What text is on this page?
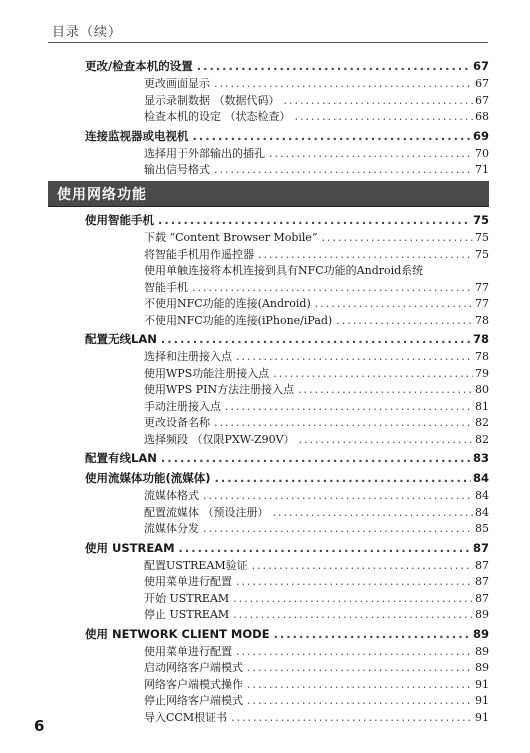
目录（续）
更改/检查本机的设置 .....	67
更改画面显示 .....	67
显示录制数据 （数据代码） .....	67
检查本机的设定 （状态检查） .....	68
连接监视器或电视机 .....	69
选择用于外部输出的插孔 .....	70
输出信号格式 .....	71
使用网络功能
使用智能手机 .....	75
下载 “Content Browser Mobile” .....	75
将智能手机用作遥控器 .....	75
使用单触连接将本机连接到具有NFC功能的Android系统
智能手机 .....	77
不使用NFC功能的连接(Android) .....	77
不使用NFC功能的连接(iPhone/iPad) .....	78
配置无线LAN .....	78
选择和注册接入点 .....	78
使用WPS功能注册接入点 .....	79
使用WPS PIN方法注册接入点 .....	80
手动注册接入点 .....	81
更改设备名称 .....	82
选择频段 （仅限PXW-Z90V） .....	82
配置有线LAN .....	83
使用流媒体功能(流媒体) .....	84
流媒体格式 .....	84
配置流媒体 （预设注册） .....	84
流媒体分发 .....	85
使用 USTREAM .....	87
配置USTREAM验证 .....	87
使用菜单进行配置 .....	87
开始 USTREAM .....	87
停止 USTREAM .....	89
使用 NETWORK CLIENT MODE .....	89
使用菜单进行配置 .....	89
启动网络客户端模式 .....	89
网络客户端模式操作 .....	91
停止网络客户端模式 .....	91
导入CCM根证书 .....	91
6
